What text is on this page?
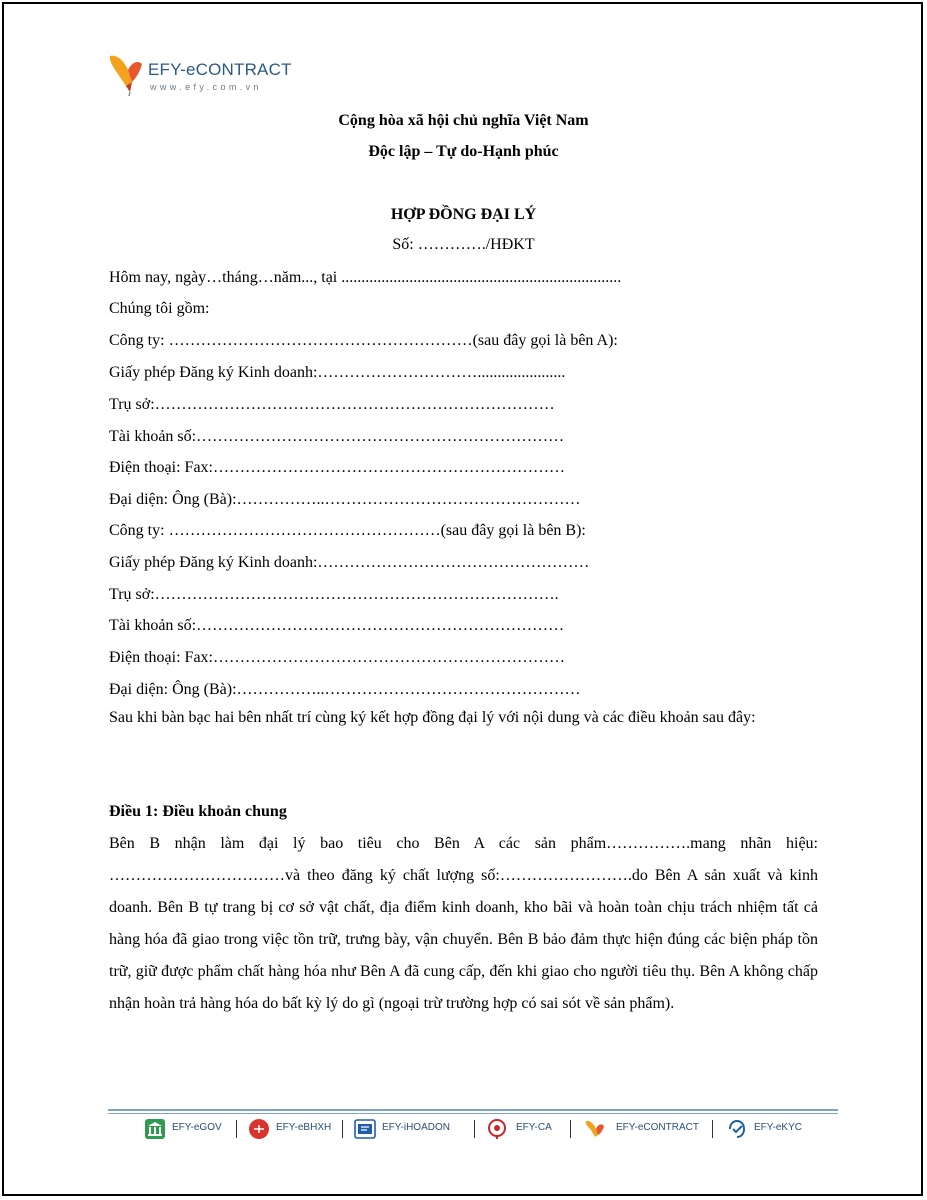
EFY-eCONTRACT
www.efy.com.vn
Cộng hòa xã hội chủ nghĩa Việt Nam
Độc lập – Tự do-Hạnh phúc
HỢP ĐỒNG ĐẠI LÝ
Số: …………./HĐKT
Hôm nay, ngày…tháng…năm..., tại ......................................................................
Chúng tôi gồm:
Công ty: …………………………………………………(sau đây gọi là bên A):
Giấy phép Đăng ký Kinh doanh:…………………………......................
Trụ sở:…………………………………………………………………
Tài khoản số:……………………………………………………………
Điện thoại: Fax:…………………………………………………………
Đại diện: Ông (Bà):……………..…………………………………………
Công ty: ……………………………………………(sau đây gọi là bên B):
Giấy phép Đăng ký Kinh doanh:……………………………………………
Trụ sở:………………………………………………………………….
Tài khoản số:……………………………………………………………
Điện thoại: Fax:…………………………………………………………
Đại diện: Ông (Bà):……………..…………………………………………
Sau khi bàn bạc hai bên nhất trí cùng ký kết hợp đồng đại lý với nội dung và các điều khoản sau đây:
Điều 1: Điều khoản chung
Bên B nhận làm đại lý bao tiêu cho Bên A các sản phẩm…………….mang nhãn hiệu: ……………………………và theo đăng ký chất lượng số:…………………….do Bên A sản xuất và kinh doanh. Bên B tự trang bị cơ sở vật chất, địa điểm kinh doanh, kho bãi và hoàn toàn chịu trách nhiệm tất cả hàng hóa đã giao trong việc tồn trữ, trưng bày, vận chuyển. Bên B bảo đảm thực hiện đúng các biện pháp tồn trữ, giữ được phẩm chất hàng hóa như Bên A đã cung cấp, đến khi giao cho người tiêu thụ. Bên A không chấp nhận hoàn trả hàng hóa do bất kỳ lý do gì (ngoại trừ trường hợp có sai sót về sản phẩm).
EFY-eGOV	EFY-eBHXH	EFY-iHOADON	EFY-CA	EFY-eCONTRACT	EFY-eKYC
